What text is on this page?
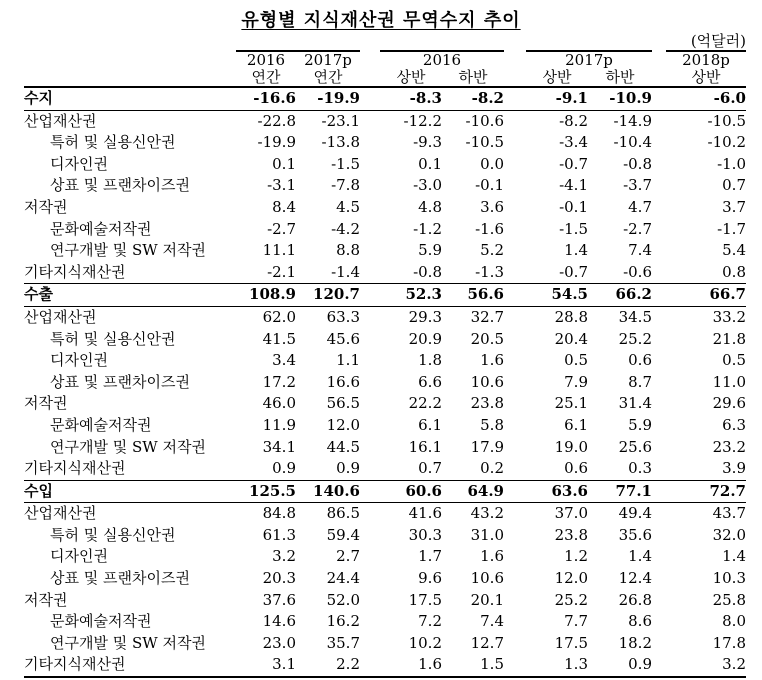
유형별 지식재산권 무역수지 추이
(억달러)
	2016	2017p		2016			2017p			2018p
	연간	연간		상반	하반		상반	하반		상반
수지	-16.6	-19.9		-8.3	-8.2		-9.1	-10.9		-6.0
산업재산권	-22.8	-23.1		-12.2	-10.6		-8.2	-14.9		-10.5
특허 및 실용신안권	-19.9	-13.8		-9.3	-10.5		-3.4	-10.4		-10.2
디자인권	0.1	-1.5		0.1	0.0		-0.7	-0.8		-1.0
상표 및 프랜차이즈권	-3.1	-7.8		-3.0	-0.1		-4.1	-3.7		0.7
저작권	8.4	4.5		4.8	3.6		-0.1	4.7		3.7
문화예술저작권	-2.7	-4.2		-1.2	-1.6		-1.5	-2.7		-1.7
연구개발 및 SW 저작권	11.1	8.8		5.9	5.2		1.4	7.4		5.4
기타지식재산권	-2.1	-1.4		-0.8	-1.3		-0.7	-0.6		0.8
수출	108.9	120.7		52.3	56.6		54.5	66.2		66.7
산업재산권	62.0	63.3		29.3	32.7		28.8	34.5		33.2
특허 및 실용신안권	41.5	45.6		20.9	20.5		20.4	25.2		21.8
디자인권	3.4	1.1		1.8	1.6		0.5	0.6		0.5
상표 및 프랜차이즈권	17.2	16.6		6.6	10.6		7.9	8.7		11.0
저작권	46.0	56.5		22.2	23.8		25.1	31.4		29.6
문화예술저작권	11.9	12.0		6.1	5.8		6.1	5.9		6.3
연구개발 및 SW 저작권	34.1	44.5		16.1	17.9		19.0	25.6		23.2
기타지식재산권	0.9	0.9		0.7	0.2		0.6	0.3		3.9
수입	125.5	140.6		60.6	64.9		63.6	77.1		72.7
산업재산권	84.8	86.5		41.6	43.2		37.0	49.4		43.7
특허 및 실용신안권	61.3	59.4		30.3	31.0		23.8	35.6		32.0
디자인권	3.2	2.7		1.7	1.6		1.2	1.4		1.4
상표 및 프랜차이즈권	20.3	24.4		9.6	10.6		12.0	12.4		10.3
저작권	37.6	52.0		17.5	20.1		25.2	26.8		25.8
문화예술저작권	14.6	16.2		7.2	7.4		7.7	8.6		8.0
연구개발 및 SW 저작권	23.0	35.7		10.2	12.7		17.5	18.2		17.8
기타지식재산권	3.1	2.2		1.6	1.5		1.3	0.9		3.2
